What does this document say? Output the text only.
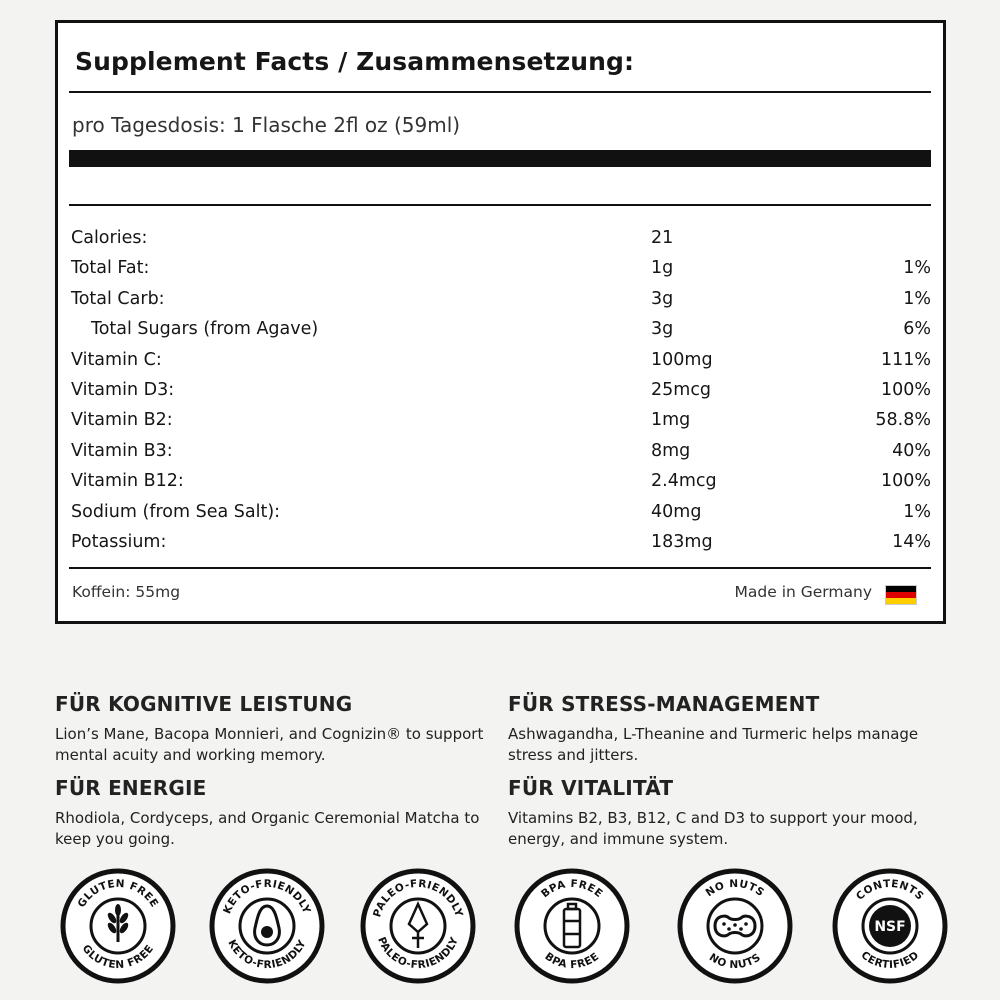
Supplement Facts / Zusammensetzung:
pro Tagesdosis: 1 Flasche 2fl oz (59ml)
Calories:	21
Total Fat:	1g	1%
Total Carb:	3g	1%
Total Sugars (from Agave)	3g	6%
Vitamin C:	100mg	111%
Vitamin D3:	25mcg	100%
Vitamin B2:	1mg	58.8%
Vitamin B3:	8mg	40%
Vitamin B12:	2.4mcg	100%
Sodium (from Sea Salt):	40mg	1%
Potassium:	183mg	14%
Koffein: 55mg	Made in Germany
FÜR KOGNITIVE LEISTUNG

Lion’s Mane, Bacopa Monnieri, and Cognizin® to support mental acuity and working memory.

FÜR STRESS-MANAGEMENT

Ashwagandha, L-Theanine and Turmeric helps manage stress and jitters.

FÜR ENERGIE

Rhodiola, Cordyceps, and Organic Ceremonial Matcha to keep you going.

FÜR VITALITÄT

Vitamins B2, B3, B12, C and D3 to support your mood, energy, and immune system.

GLUTEN FREE
GLUTEN FREE
KETO-FRIENDLY
KETO-FRIENDLY
PALEO-FRIENDLY
PALEO-FRIENDLY
BPA FREE
BPA FREE
NO NUTS
NO NUTS
CONTENTS
CERTIFIED
NSF
